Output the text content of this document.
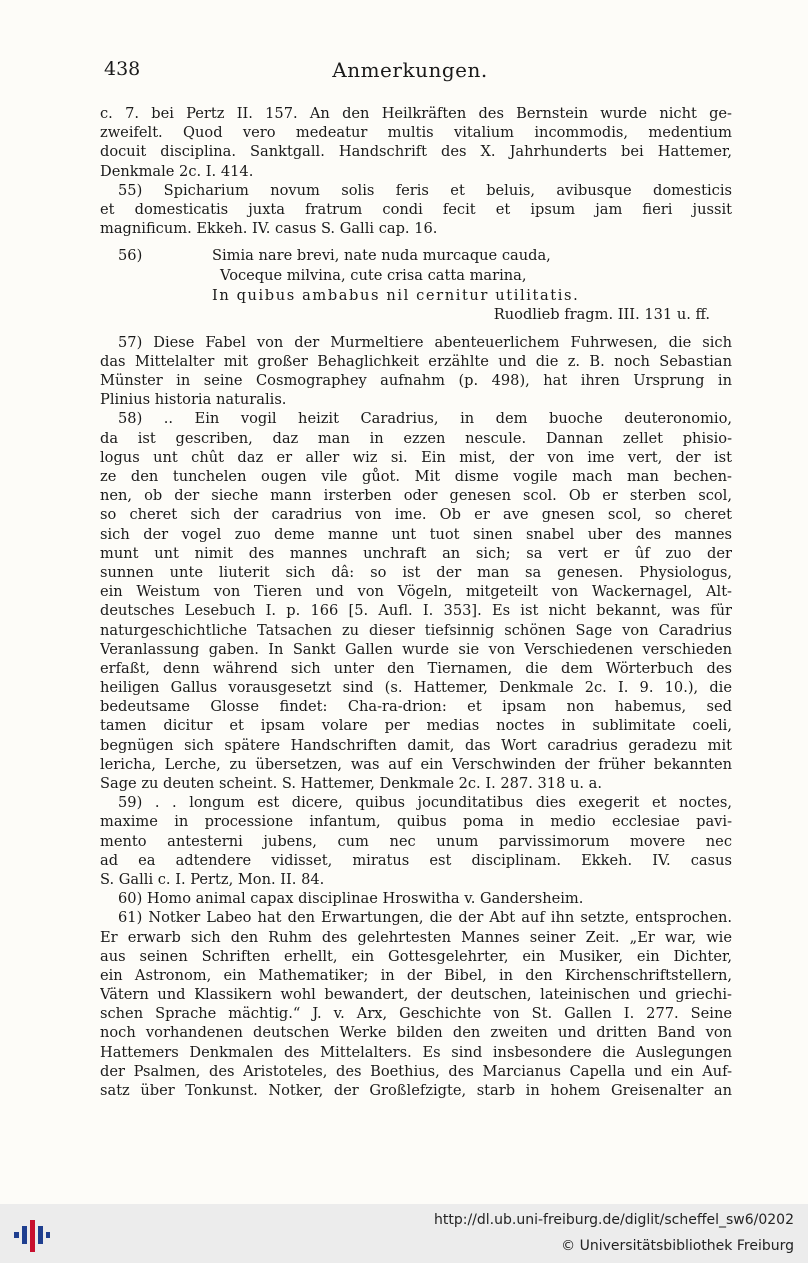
438	Anmerkungen.
c. 7. bei Pertz II. 157. An den Heilkräften des Bernstein wurde nicht ge-
zweifelt. Quod vero medeatur multis vitalium incommodis, medentium
docuit disciplina. Sanktgall. Handschrift des X. Jahrhunderts bei Hattemer,
Denkmale 2c. I. 414.
55) Spicharium novum solis feris et beluis, avibusque domesticis
et domesticatis juxta fratrum condi fecit et ipsum jam fieri jussit
magnificum. Ekkeh. IV. casus S. Galli cap. 16.
56)	Simia nare brevi, nate nuda murcaque cauda,
Voceque milvina, cute crisa catta marina,
In quibus ambabus nil cernitur utilitatis.
Ruodlieb fragm. III. 131 u. ff.
57) Diese Fabel von der Murmeltiere abenteuerlichem Fuhrwesen, die sich
das Mittelalter mit großer Behaglichkeit erzählte und die z. B. noch Sebastian
Münster in seine Cosmographey aufnahm (p. 498), hat ihren Ursprung in
Plinius historia naturalis.
58) .. Ein vogil heizit Caradrius, in dem buoche deuteronomio,
da ist gescriben, daz man in ezzen nescule. Dannan zellet phisio-
logus unt chût daz er aller wiz si. Ein mist, der von ime vert, der ist
ze den tunchelen ougen vile gůot. Mit disme vogile mach man bechen-
nen, ob der sieche mann irsterben oder genesen scol. Ob er sterben scol,
so cheret sich der caradrius von ime. Ob er ave gnesen scol, so cheret
sich der vogel zuo deme manne unt tuot sinen snabel uber des mannes
munt unt nimit des mannes unchraft an sich; sa vert er ûf zuo der
sunnen unte liuterit sich dâ: so ist der man sa genesen. Physiologus,
ein Weistum von Tieren und von Vögeln, mitgeteilt von Wackernagel, Alt-
deutsches Lesebuch I. p. 166 [5. Aufl. I. 353]. Es ist nicht bekannt, was für
naturgeschichtliche Tatsachen zu dieser tiefsinnig schönen Sage von Caradrius
Veranlassung gaben. In Sankt Gallen wurde sie von Verschiedenen verschieden
erfaßt, denn während sich unter den Tiernamen, die dem Wörterbuch des
heiligen Gallus vorausgesetzt sind (s. Hattemer, Denkmale 2c. I. 9. 10.), die
bedeutsame Glosse findet: Cha-ra-drion: et ipsam non habemus, sed
tamen dicitur et ipsam volare per medias noctes in sublimitate coeli,
begnügen sich spätere Handschriften damit, das Wort caradrius geradezu mit
lericha, Lerche, zu übersetzen, was auf ein Verschwinden der früher bekannten
Sage zu deuten scheint. S. Hattemer, Denkmale 2c. I. 287. 318 u. a.
59) . . longum est dicere, quibus jocunditatibus dies exegerit et noctes,
maxime in processione infantum, quibus poma in medio ecclesiae pavi-
mento antesterni jubens, cum nec unum parvissimorum movere nec
ad ea adtendere vidisset, miratus est disciplinam. Ekkeh. IV. casus
S. Galli c. I. Pertz, Mon. II. 84.
60) Homo animal capax disciplinae Hroswitha v. Gandersheim.
61) Notker Labeo hat den Erwartungen, die der Abt auf ihn setzte, entsprochen.
Er erwarb sich den Ruhm des gelehrtesten Mannes seiner Zeit. „Er war, wie
aus seinen Schriften erhellt, ein Gottesgelehrter, ein Musiker, ein Dichter,
ein Astronom, ein Mathematiker; in der Bibel, in den Kirchenschriftstellern,
Vätern und Klassikern wohl bewandert, der deutschen, lateinischen und griechi-
schen Sprache mächtig.“ J. v. Arx, Geschichte von St. Gallen I. 277. Seine
noch vorhandenen deutschen Werke bilden den zweiten und dritten Band von
Hattemers Denkmalen des Mittelalters. Es sind insbesondere die Auslegungen
der Psalmen, des Aristoteles, des Boethius, des Marcianus Capella und ein Auf-
satz über Tonkunst. Notker, der Großlefzigte, starb in hohem Greisenalter an
http://dl.ub.uni-freiburg.de/diglit/scheffel_sw6/0202
© Universitätsbibliothek Freiburg
